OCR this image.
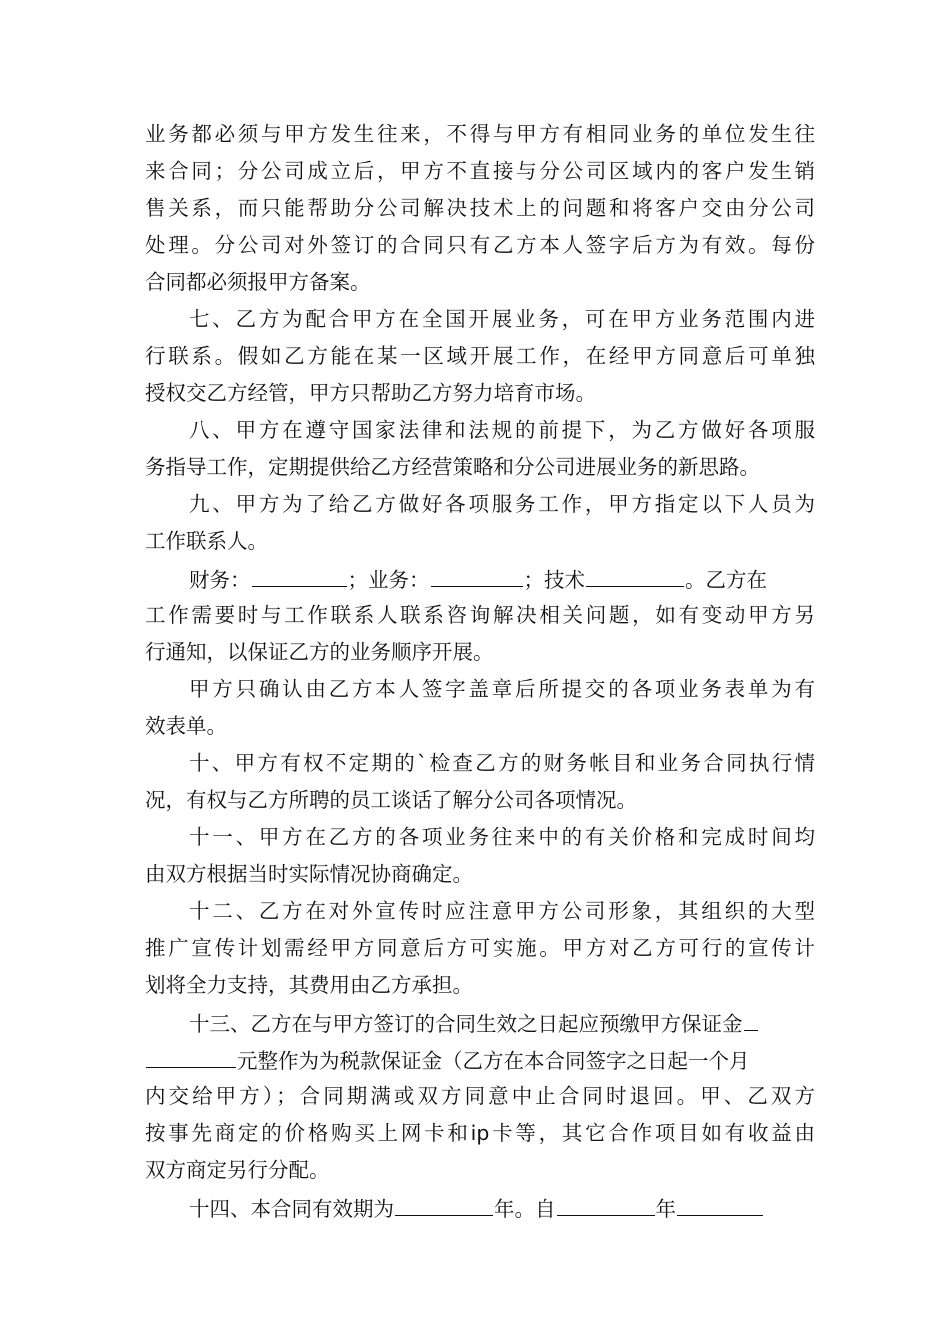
业务都必须与甲方发生往来，不得与甲方有相同业务的单位发生往
来合同；分公司成立后，甲方不直接与分公司区域内的客户发生销
售关系，而只能帮助分公司解决技术上的问题和将客户交由分公司
处理。分公司对外签订的合同只有乙方本人签字后方为有效。每份
合同都必须报甲方备案。
七、乙方为配合甲方在全国开展业务，可在甲方业务范围内进
行联系。假如乙方能在某一区域开展工作，在经甲方同意后可单独
授权交乙方经管，甲方只帮助乙方努力培育市场。
八、甲方在遵守国家法律和法规的前提下，为乙方做好各项服
务指导工作，定期提供给乙方经营策略和分公司进展业务的新思路。
九、甲方为了给乙方做好各项服务工作，甲方指定以下人员为
工作联系人。
财务：	；业务：	；技术	。乙方在
工作需要时与工作联系人联系咨询解决相关问题，如有变动甲方另
行通知，以保证乙方的业务顺序开展。
甲方只确认由乙方本人签字盖章后所提交的各项业务表单为有
效表单。
十、甲方有权不定期的`检查乙方的财务帐目和业务合同执行情
况，有权与乙方所聘的员工谈话了解分公司各项情况。
十一、甲方在乙方的各项业务往来中的有关价格和完成时间均
由双方根据当时实际情况协商确定。
十二、乙方在对外宣传时应注意甲方公司形象，其组织的大型
推广宣传计划需经甲方同意后方可实施。甲方对乙方可行的宣传计
划将全力支持，其费用由乙方承担。
十三、乙方在与甲方签订的合同生效之日起应预缴甲方保证金
元整作为为税款保证金（乙方在本合同签字之日起一个月
内交给甲方）；合同期满或双方同意中止合同时退回。甲、乙双方
按事先商定的价格购买上网卡和ip卡等，其它合作项目如有收益由
双方商定另行分配。
十四、本合同有效期为	年。自	年
